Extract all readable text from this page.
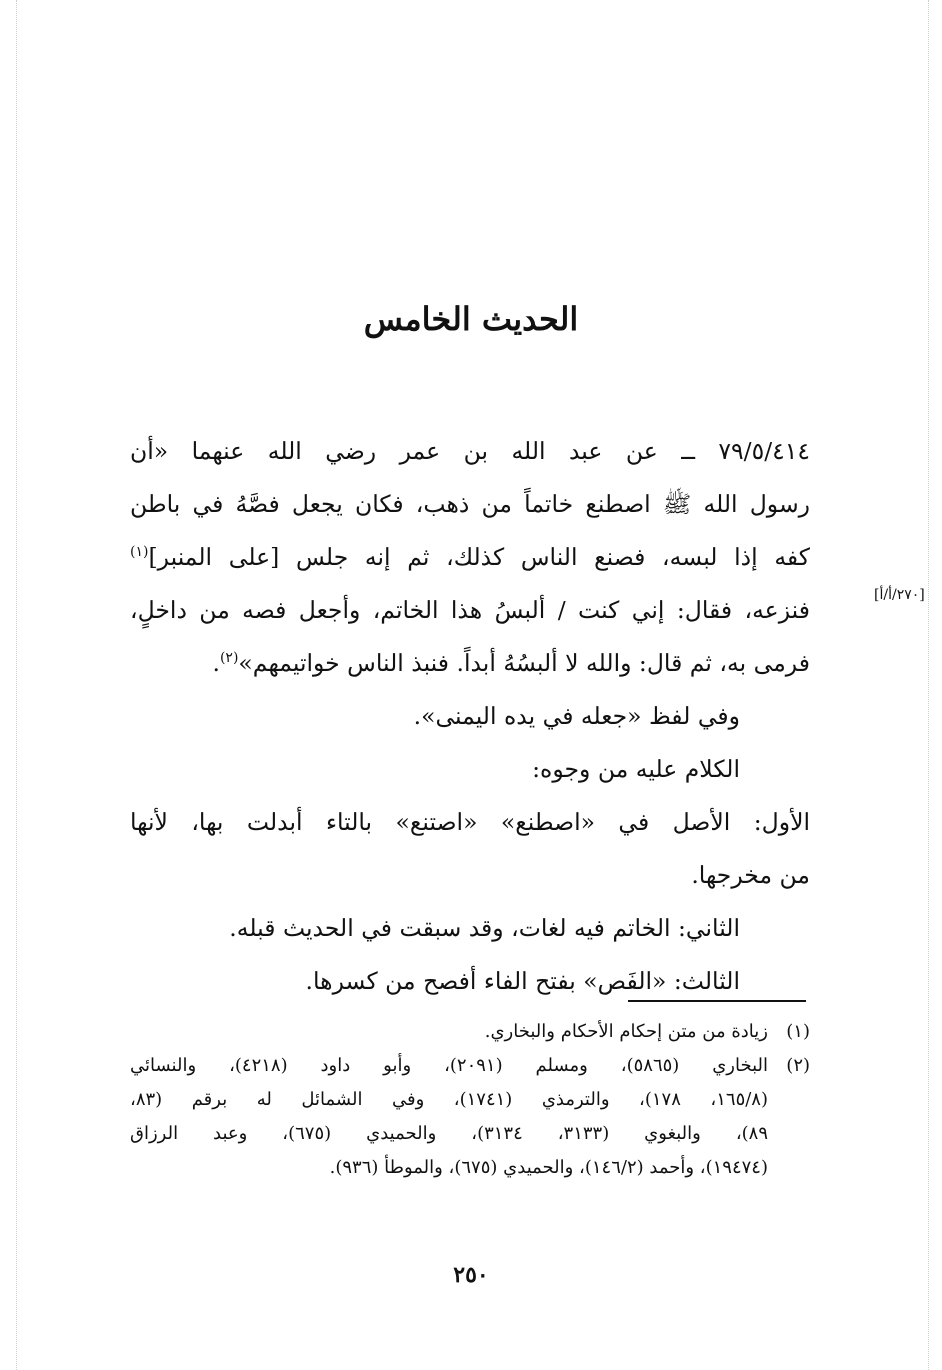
الحديث الخامس
٧٩/٥/٤١٤ ــ عن عبد الله بن عمر رضي الله عنهما «أن
رسول الله ﷺ اصطنع خاتماً من ذهب، فكان يجعل فصَّهُ في باطن
كفه إذا لبسه، فصنع الناس كذلك، ثم إنه جلس [على المنبر]$^{(١)}$
فنزعه، فقال: إني كنت / ألبسُ هذا الخاتم، وأجعل فصه من داخلٍ،
فرمى به، ثم قال: والله لا ألبسُهُ أبداً. فنبذ الناس خواتيمهم»$^{(٢)}$.
وفي لفظ «جعله في يده اليمنى».
الكلام عليه من وجوه:
الأول: الأصل في «اصطنع» «اصتنع» بالتاء أبدلت بها، لأنها
من مخرجها.
الثاني: الخاتم فيه لغات، وقد سبقت في الحديث قبله.
الثالث: «الفَص» بفتح الفاء أفصح من كسرها.
[٢٧٠/أ/أ]
(١)زيادة من متن إحكام الأحكام والبخاري.
(٢)البخاري (٥٨٦٥)، ومسلم (٢٠٩١)، وأبو داود (٤٢١٨)، والنسائي
(١٦٥/٨، ١٧٨)، والترمذي (١٧٤١)، وفي الشمائل له برقم (٨٣،
٨٩)، والبغوي (٣١٣٣، ٣١٣٤)، والحميدي (٦٧٥)، وعبد الرزاق
(١٩٤٧٤)، وأحمد (١٤٦/٢)، والحميدي (٦٧٥)، والموطأ (٩٣٦).
٢٥٠
